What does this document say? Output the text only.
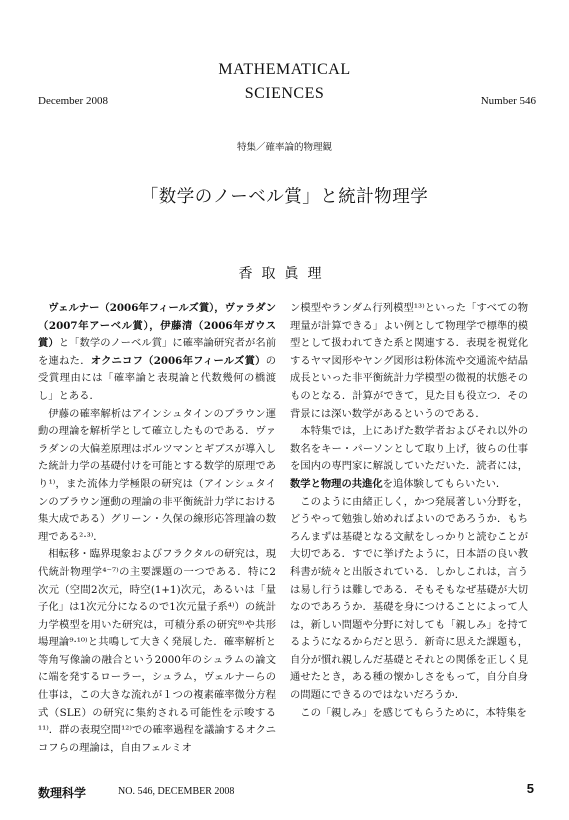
December 2008
MATHEMATICAL
SCIENCES	Number 546
特集／確率論的物理観
「数学のノーベル賞」と統計物理学
香取眞理

ヴェルナー（2006年フィールズ賞），ヴァラダン（2007年アーベル賞），伊藤清（2006年ガウス賞）と「数学のノーベル賞」に確率論研究者が名前を連ねた．オクニコフ（2006年フィールズ賞）の受賞理由には「確率論と表現論と代数幾何の橋渡し」とある．

伊藤の確率解析はアインシュタインのブラウン運動の理論を解析学として確立したものである．ヴァラダンの大偏差原理はボルツマンとギブスが導入した統計力学の基礎付けを可能とする数学的原理であり¹⁾，また流体力学極限の研究は（アインシュタインのブラウン運動の理論の非平衡統計力学における集大成である）グリーン・久保の線形応答理論の数理である²·³⁾．

相転移・臨界現象およびフラクタルの研究は，現代統計物理学⁴⁻⁷⁾の主要課題の一つである．特に2次元（空間2次元，時空(1+1)次元，あるいは「量子化」は1次元分になるので1次元量子系⁴⁾）の統計力学模型を用いた研究は，可積分系の研究⁸⁾や共形場理論⁹·¹⁰⁾と共鳴して大きく発展した．確率解析と等角写像論の融合という2000年のシュラムの論文に端を発するローラー，シュラム，ヴェルナーらの仕事は，この大きな流れが１つの複素確率微分方程式（SLE）の研究に集約される可能性を示唆する¹¹⁾．群の表現空間¹²⁾での確率過程を議論するオクニコフらの理論は，自由フェルミオ

ン模型やランダム行列模型¹³⁾といった「すべての物理量が計算できる」よい例として物理学で標準的模型として扱われてきた系と関連する．表現を視覚化するヤマ図形やヤング図形は粉体流や交通流や結晶成長といった非平衡統計力学模型の微視的状態そのものとなる．計算ができて，見た目も役立つ．その背景には深い数学があるというのである．

本特集では，上にあげた数学者およびそれ以外の数名をキー・パーソンとして取り上げ，彼らの仕事を国内の専門家に解説していただいた．読者には，数学と物理の共進化を追体験してもらいたい．

このように由緒正しく，かつ発展著しい分野を，どうやって勉強し始めればよいのであろうか．もちろんまずは基礎となる文献をしっかりと読むことが大切である．すでに挙げたように，日本語の良い教科書が続々と出版されている．しかしこれは，言うは易し行うは難しである．そもそもなぜ基礎が大切なのであろうか．基礎を身につけることによって人は，新しい問題や分野に対しても「親しみ」を持てるようになるからだと思う．新奇に思えた課題も，自分が慣れ親しんだ基礎とそれとの関係を正しく見通せたとき，ある種の懐かしさをもって，自分自身の問題にできるのではないだろうか．

この「親しみ」を感じてもらうために，本特集を

数理科学	NO. 546, DECEMBER 2008	5
